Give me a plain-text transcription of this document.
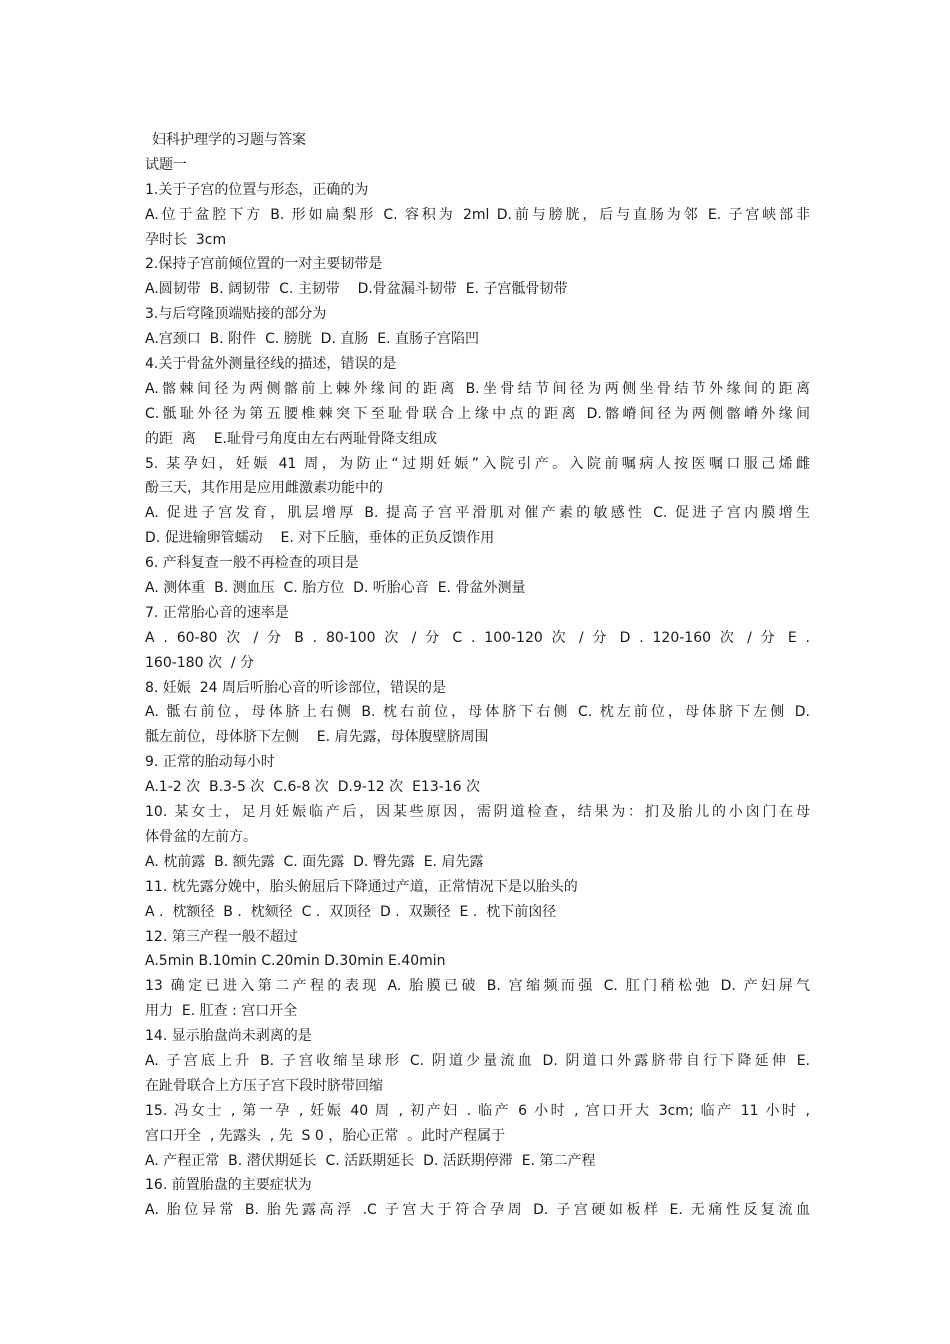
妇科护理学的习题与答案
试题一
1.关于子宫的位置与形态，正确的为
A.位于盆腔下方 B. 形如扁梨形 C. 容积为 2ml D.前与膀胱，后与直肠为邻 E. 子宫峡部非
孕时长  3cm
2.保持子宫前倾位置的一对主要韧带是
A.圆韧带  B. 阔韧带  C. 主韧带    D.骨盆漏斗韧带  E. 子宫骶骨韧带
3.与后穹隆顶端贴接的部分为
A.宫颈口  B. 附件  C. 膀胱  D. 直肠  E. 直肠子宫陷凹
4.关于骨盆外测量径线的描述，错误的是
A.髂棘间径为两侧髂前上棘外缘间的距离 B.坐骨结节间径为两侧坐骨结节外缘间的距离
C.骶耻外径为第五腰椎棘突下至耻骨联合上缘中点的距离 D.髂嵴间径为两侧髂嵴外缘间
的距  离    E.耻骨弓角度由左右两耻骨降支组成
5. 某孕妇，妊娠 41 周，为防止“过期妊娠”入院引产。入院前嘱病人按医嘱口服己烯雌
酚三天，其作用是应用雌激素功能中的
A. 促进子宫发育，肌层增厚 B. 提高子宫平滑肌对催产素的敏感性 C. 促进子宫内膜增生
D. 促进输卵管蠕动    E. 对下丘脑，垂体的正负反馈作用
6. 产科复查一般不再检查的项目是
A. 测体重  B. 测血压  C. 胎方位  D. 听胎心音  E. 骨盆外测量
7. 正常胎心音的速率是
A . 60-80 次 / 分 B . 80-100 次 / 分 C . 100-120 次 / 分 D . 120-160 次 / 分 E .
160-180 次  / 分
8. 妊娠  24 周后听胎心音的听诊部位，错误的是
A. 骶右前位，母体脐上右侧 B. 枕右前位，母体脐下右侧 C. 枕左前位，母体脐下左侧 D.
骶左前位，母体脐下左侧    E. 肩先露，母体腹壁脐周围
9. 正常的胎动每小时
A.1-2 次  B.3-5 次  C.6-8 次  D.9-12 次  E13-16 次
10. 某女士，足月妊娠临产后，因某些原因，需阴道检查，结果为：扪及胎儿的小囟门在母
体骨盆的左前方。
A. 枕前露  B. 额先露  C. 面先露  D. 臀先露  E. 肩先露
11. 枕先露分娩中，胎头俯屈后下降通过产道，正常情况下是以胎头的
A .  枕额径  B .  枕颏径  C .  双顶径  D .  双颞径  E .  枕下前囟径
12. 第三产程一般不超过
A.5min B.10min C.20min D.30min E.40min
13 确定已进入第二产程的表现 A. 胎膜已破 B. 宫缩频而强 C. 肛门稍松弛 D. 产妇屏气
用力  E. 肛查 : 宫口开全
14. 显示胎盘尚未剥离的是
A. 子宫底上升 B. 子宫收缩呈球形 C. 阴道少量流血 D. 阴道口外露脐带自行下降延伸 E.
在趾骨联合上方压子宫下段时脐带回缩
15. 冯女士 , 第一孕 , 妊娠 40 周 , 初产妇 . 临产 6 小时 , 宫口开大 3cm; 临产 11 小时 ,
宫口开全  , 先露头  , 先  S 0 ，胎心正常  。此时产程属于
A. 产程正常  B. 潜伏期延长  C. 活跃期延长  D. 活跃期停滞  E. 第二产程
16. 前置胎盘的主要症状为
A. 胎位异常 B. 胎先露高浮 .C 子宫大于符合孕周 D. 子宫硬如板样 E. 无痛性反复流血
